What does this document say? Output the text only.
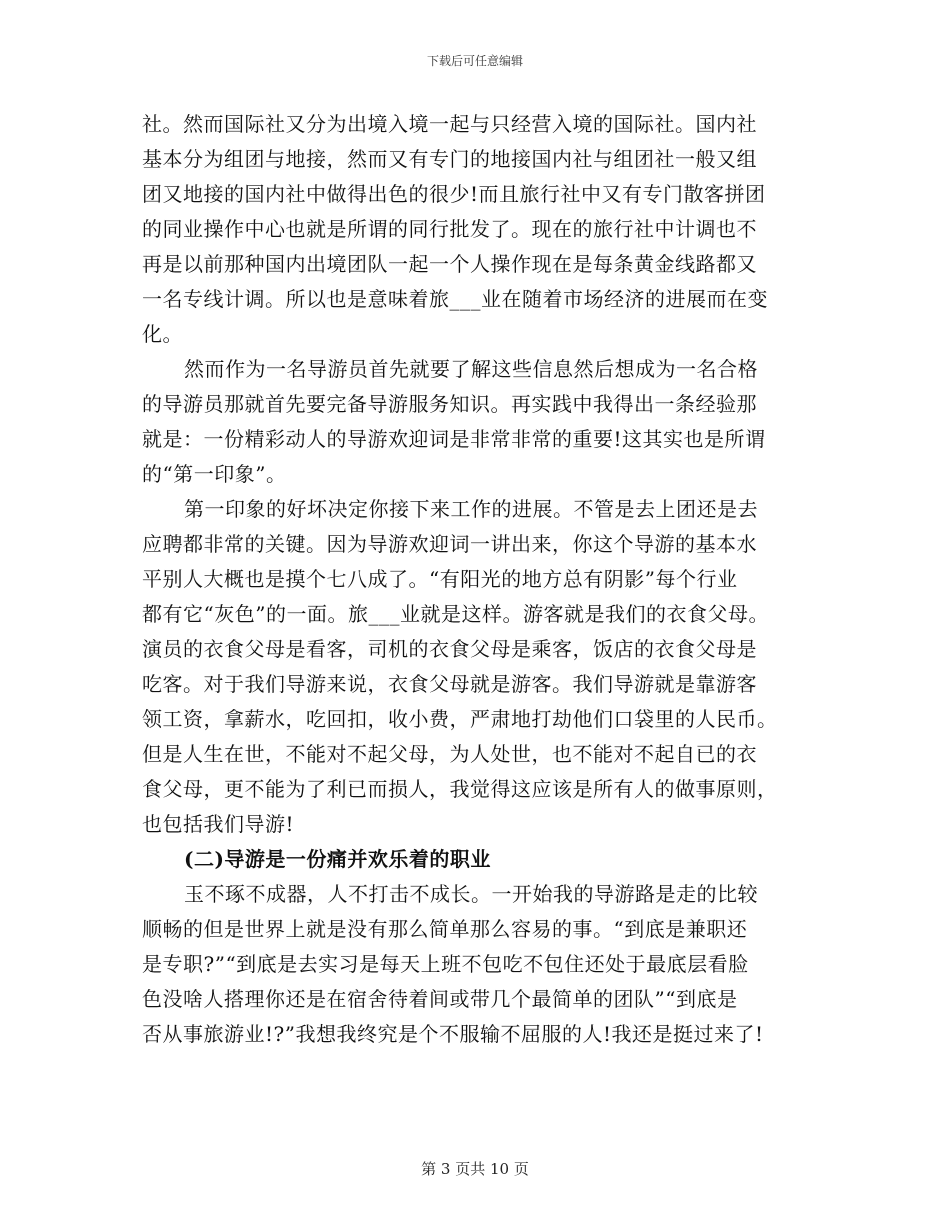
下载后可任意编辑
社。然而国际社又分为出境入境一起与只经营入境的国际社。国内社
基本分为组团与地接，然而又有专门的地接国内社与组团社一般又组
团又地接的国内社中做得出色的很少!而且旅行社中又有专门散客拼团
的同业操作中心也就是所谓的同行批发了。现在的旅行社中计调也不
再是以前那种国内出境团队一起一个人操作现在是每条黄金线路都又
一名专线计调。所以也是意味着旅___业在随着市场经济的进展而在变
化。
然而作为一名导游员首先就要了解这些信息然后想成为一名合格
的导游员那就首先要完备导游服务知识。再实践中我得出一条经验那
就是：一份精彩动人的导游欢迎词是非常非常的重要!这其实也是所谓
的“第一印象”。
第一印象的好坏决定你接下来工作的进展。不管是去上团还是去
应聘都非常的关键。因为导游欢迎词一讲出来，你这个导游的基本水
平别人大概也是摸个七八成了。“有阳光的地方总有阴影”每个行业
都有它“灰色”的一面。旅___业就是这样。游客就是我们的衣食父母。
演员的衣食父母是看客，司机的衣食父母是乘客，饭店的衣食父母是
吃客。对于我们导游来说，衣食父母就是游客。我们导游就是靠游客
领工资，拿薪水，吃回扣，收小费，严肃地打劫他们口袋里的人民币。
但是人生在世，不能对不起父母，为人处世，也不能对不起自已的衣
食父母，更不能为了利已而损人，我觉得这应该是所有人的做事原则，
也包括我们导游!
(二)导游是一份痛并欢乐着的职业
玉不琢不成器，人不打击不成长。一开始我的导游路是走的比较
顺畅的但是世界上就是没有那么简单那么容易的事。“到底是兼职还
是专职?”“到底是去实习是每天上班不包吃不包住还处于最底层看脸
色没啥人搭理你还是在宿舍待着间或带几个最简单的团队”“到底是
否从事旅游业!?”我想我终究是个不服输不屈服的人!我还是挺过来了!
第 3 页共 10 页
